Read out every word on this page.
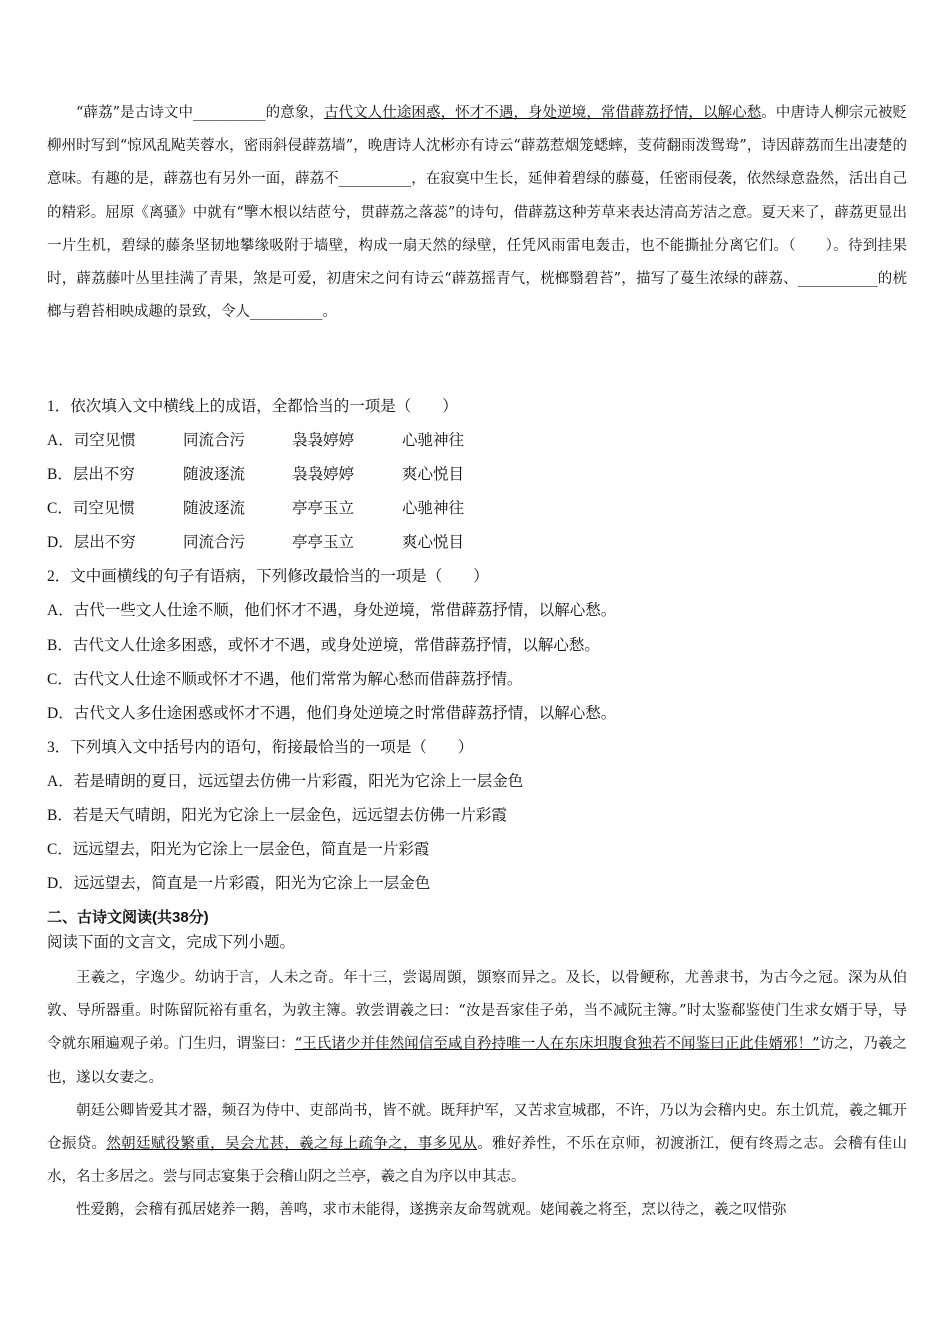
“薜荔”是古诗文中__________的意象，古代文人仕途困惑，怀才不遇，身处逆境，常借薜荔抒情，以解心愁。中唐诗人柳宗元被贬柳州时写到“惊风乱飐芙蓉水，密雨斜侵薜荔墙”，晚唐诗人沈彬亦有诗云“薜荔惹烟笼蟋蟀，芰荷翻雨泼鸳鸯”，诗因薜荔而生出凄楚的意味。有趣的是，薜荔也有另外一面，薜荔不__________，在寂寞中生长，延伸着碧绿的藤蔓，任密雨侵袭，依然绿意盎然，活出自己的精彩。屈原《离骚》中就有“擥木根以结茝兮，贯薜荔之落蕊”的诗句，借薜荔这种芳草来表达清高芳洁之意。夏天来了，薜荔更显出一片生机，碧绿的藤条坚韧地攀缘吸附于墙壁，构成一扇天然的绿壁，任凭风雨雷电轰击，也不能撕扯分离它们。（　　）。待到挂果时，薜荔藤叶丛里挂满了青果，煞是可爱，初唐宋之问有诗云“薜荔摇青气，桄榔翳碧苔”，描写了蔓生浓绿的薜荔、___________的桄榔与碧苔相映成趣的景致，令人__________。

1．依次填入文中横线上的成语，全都恰当的一项是（　　）
A．司空见惯	同流合污	袅袅婷婷	心驰神往
B．层出不穷	随波逐流	袅袅婷婷	爽心悦目
C．司空见惯	随波逐流	亭亭玉立	心驰神往
D．层出不穷	同流合污	亭亭玉立	爽心悦目
2．文中画横线的句子有语病，下列修改最恰当的一项是（　　）
A．古代一些文人仕途不顺，他们怀才不遇，身处逆境，常借薜荔抒情，以解心愁。
B．古代文人仕途多困惑，或怀才不遇，或身处逆境，常借薜荔抒情，以解心愁。
C．古代文人仕途不顺或怀才不遇，他们常常为解心愁而借薜荔抒情。
D．古代文人多仕途困惑或怀才不遇，他们身处逆境之时常借薜荔抒情，以解心愁。
3．下列填入文中括号内的语句，衔接最恰当的一项是（　　）
A．若是晴朗的夏日，远远望去仿佛一片彩霞，阳光为它涂上一层金色
B．若是天气晴朗，阳光为它涂上一层金色，远远望去仿佛一片彩霞
C．远远望去，阳光为它涂上一层金色，简直是一片彩霞
D．远远望去，简直是一片彩霞，阳光为它涂上一层金色
二、古诗文阅读(共38分)
阅读下面的文言文，完成下列小题。

王羲之，字逸少。幼讷于言，人未之奇。年十三，尝谒周顗，顗察而异之。及长，以骨鲠称，尤善隶书，为古今之冠。深为从伯敦、导所器重。时陈留阮裕有重名，为敦主簿。敦尝谓羲之曰：“汝是吾家佳子弟，当不减阮主簿。”时太鉴郗鉴使门生求女婿于导，导令就东厢遍观子弟。门生归，谓鉴曰：“王氏诸少并佳然闻信至咸自矜持唯一人在东床坦腹食独若不闻鉴曰正此佳婿邪！”访之，乃羲之也，遂以女妻之。

朝廷公卿皆爱其才器，频召为侍中、吏部尚书，皆不就。既拜护军，又苦求宣城郡，不许，乃以为会稽内史。东土饥荒，羲之辄开仓振贷。然朝廷赋役繁重，吴会尤甚，羲之每上疏争之，事多见从。雅好养性，不乐在京师，初渡浙江，便有终焉之志。会稽有佳山水，名士多居之。尝与同志宴集于会稽山阴之兰亭，羲之自为序以申其志。

性爱鹅，会稽有孤居姥养一鹅，善鸣，求市未能得，遂携亲友命驾就观。姥闻羲之将至，烹以待之，羲之叹惜弥
